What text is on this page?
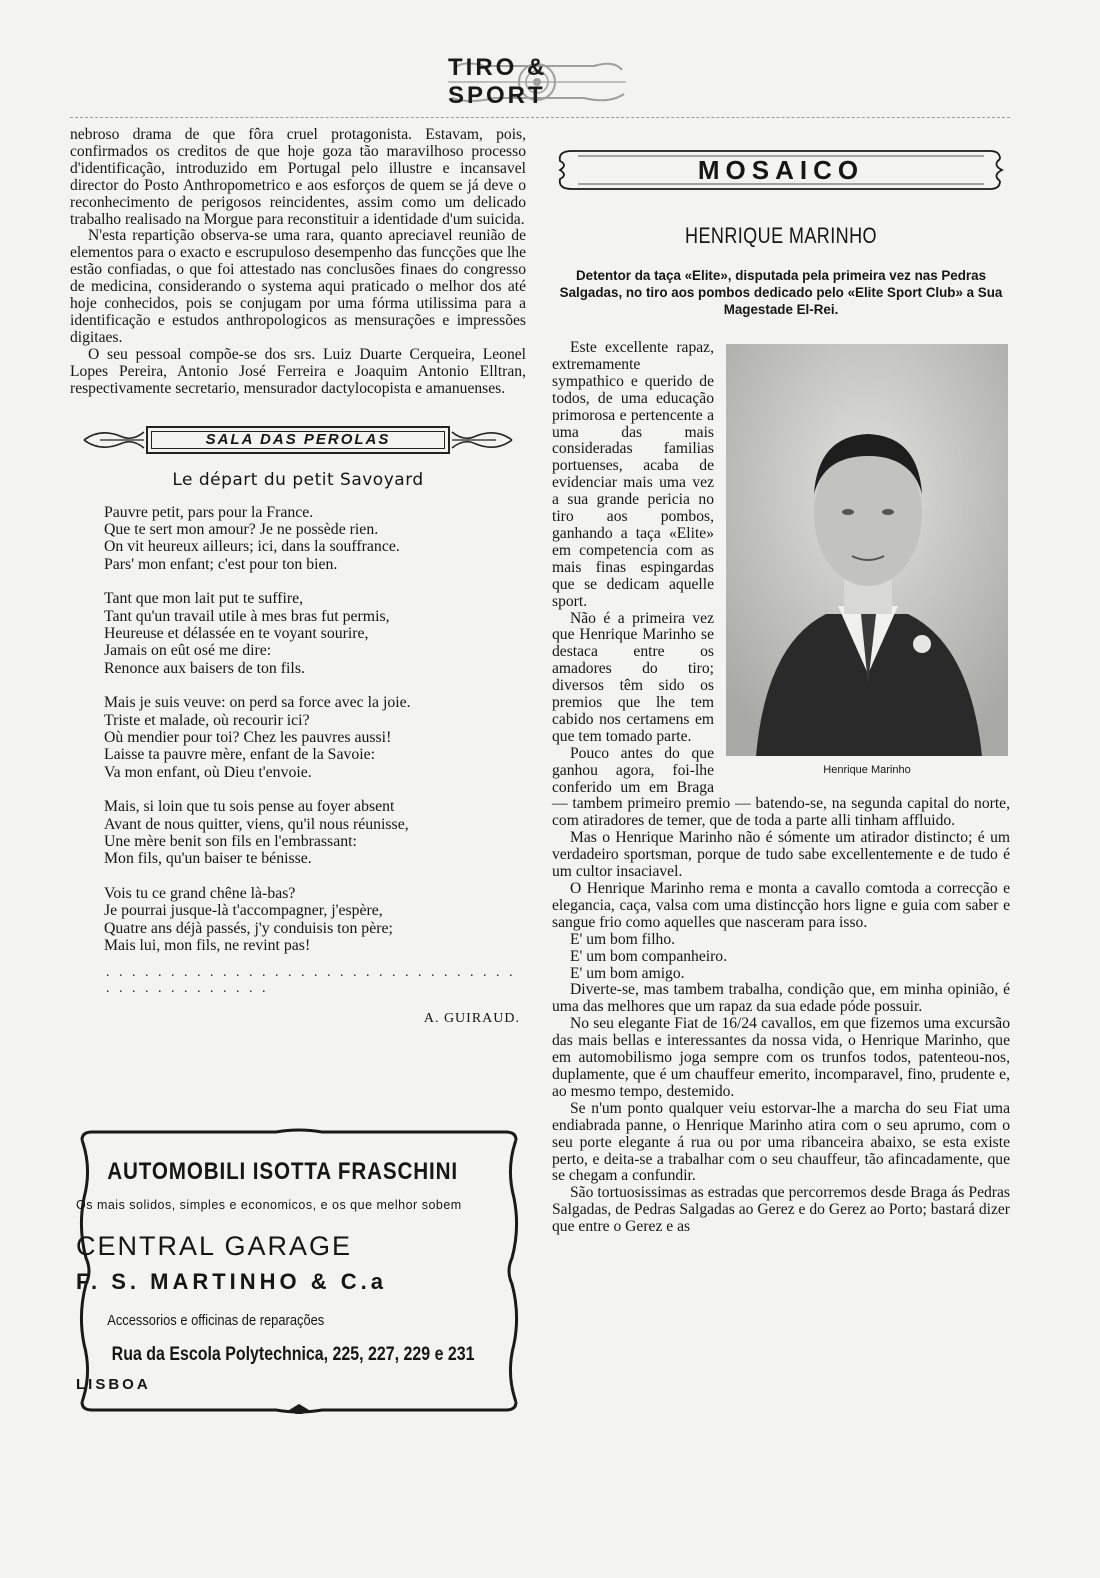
TIRO & SPORT

nebroso drama de que fôra cruel protagonista. Estavam, pois, confirmados os creditos de que hoje goza tão maravilhoso processo d'identificação, introduzido em Portugal pelo illustre e incansavel director do Posto Anthropometrico e aos esforços de quem se já deve o reconhecimento de perigosos reincidentes, assim como um delicado trabalho realisado na Morgue para reconstituir a identidade d'um suicida.

N'esta repartição observa-se uma rara, quanto apreciavel reunião de elementos para o exacto e escrupuloso desempenho das funcções que lhe estão confiadas, o que foi attestado nas conclusões finaes do congresso de medicina, considerando o systema aqui praticado o melhor dos até hoje conhecidos, pois se conjugam por uma fórma utilissima para a identificação e estudos anthropologicos as mensurações e impressões digitaes.

O seu pessoal compõe-se dos srs. Luiz Duarte Cerqueira, Leonel Lopes Pereira, Antonio José Ferreira e Joaquim Antonio Elltran, respectivamente secretario, mensurador dactylocopista e amanuenses.

SALA DAS PEROLAS
Le départ du petit Savoyard
Pauvre petit, pars pour la France.
Que te sert mon amour? Je ne possède rien.
On vit heureux ailleurs; ici, dans la souffrance.
Pars' mon enfant; c'est pour ton bien.
Tant que mon lait put te suffire,
Tant qu'un travail utile à mes bras fut permis,
Heureuse et délassée en te voyant sourire,
Jamais on eût osé me dire:
Renonce aux baisers de ton fils.
Mais je suis veuve: on perd sa force avec la joie.
Triste et malade, où recourir ici?
Où mendier pour toi? Chez les pauvres aussi!
Laisse ta pauvre mère, enfant de la Savoie:
Va mon enfant, où Dieu t'envoie.
Mais, si loin que tu sois pense au foyer absent
Avant de nous quitter, viens, qu'il nous réunisse,
Une mère benit son fils en l'embrassant:
Mon fils, qu'un baiser te bénisse.
Vois tu ce grand chêne là-bas?
Je pourrai jusque-là t'accompagner, j'espère,
Quatre ans déjà passés, j'y conduisis ton père;
Mais lui, mon fils, ne revint pas!
. . . . . . . . . . . . . . . . . . . . . . . . . . . . . . . . . . . . . . . . . . . . .
A. GUIRAUD.
AUTOMOBILI ISOTTA FRASCHINI
Os mais solidos, simples e economicos, e os que melhor sobem
CENTRAL GARAGE
F. S. MARTINHO & C.a
Accessorios e officinas de reparações
Rua da Escola Polytechnica, 225, 227, 229 e 231
LISBOA
MOSAICO
HENRIQUE MARINHO
Detentor da taça «Elite», disputada pela primeira vez nas Pedras Salgadas, no tiro aos pombos dedicado pelo «Elite Sport Club» a Sua Magestade El-Rei.
Henrique Marinho

Este excellente rapaz, extremamente sympathico e querido de todos, de uma educação primorosa e pertencente a uma das mais consideradas familias portuenses, acaba de evidenciar mais uma vez a sua grande pericia no tiro aos pombos, ganhando a taça «Elite» em competencia com as mais finas espingardas que se dedicam aquelle sport.

Não é a primeira vez que Henrique Marinho se destaca entre os amadores do tiro; diversos têm sido os premios que lhe tem cabido nos certamens em que tem tomado parte.

Pouco antes do que ganhou agora, foi-lhe conferido um em Braga — tambem primeiro premio — batendo-se, na segunda capital do norte, com atiradores de temer, que de toda a parte alli tinham affluido.

Mas o Henrique Marinho não é sómente um atirador distincto; é um verdadeiro sportsman, porque de tudo sabe excellentemente e de tudo é um cultor insaciavel.

O Henrique Marinho rema e monta a cavallo comtoda a correcção e elegancia, caça, valsa com uma distincção hors ligne e guia com saber e sangue frio como aquelles que nasceram para isso.

E' um bom filho.

E' um bom companheiro.

E' um bom amigo.

Diverte-se, mas tambem trabalha, condição que, em minha opinião, é uma das melhores que um rapaz da sua edade póde possuir.

No seu elegante Fiat de 16/24 cavallos, em que fizemos uma excursão das mais bellas e interessantes da nossa vida, o Henrique Marinho, que em automobilismo joga sempre com os trunfos todos, patenteou-nos, duplamente, que é um chauffeur emerito, incomparavel, fino, prudente e, ao mesmo tempo, destemido.

Se n'um ponto qualquer veiu estorvar-lhe a marcha do seu Fiat uma endiabrada panne, o Henrique Marinho atira com o seu aprumo, com o seu porte elegante á rua ou por uma ribanceira abaixo, se esta existe perto, e deita-se a trabalhar com o seu chauffeur, tão afincadamente, que se chegam a confundir.

São tortuosissimas as estradas que percorremos desde Braga ás Pedras Salgadas, de Pedras Salgadas ao Gerez e do Gerez ao Porto; bastará dizer que entre o Gerez e as
